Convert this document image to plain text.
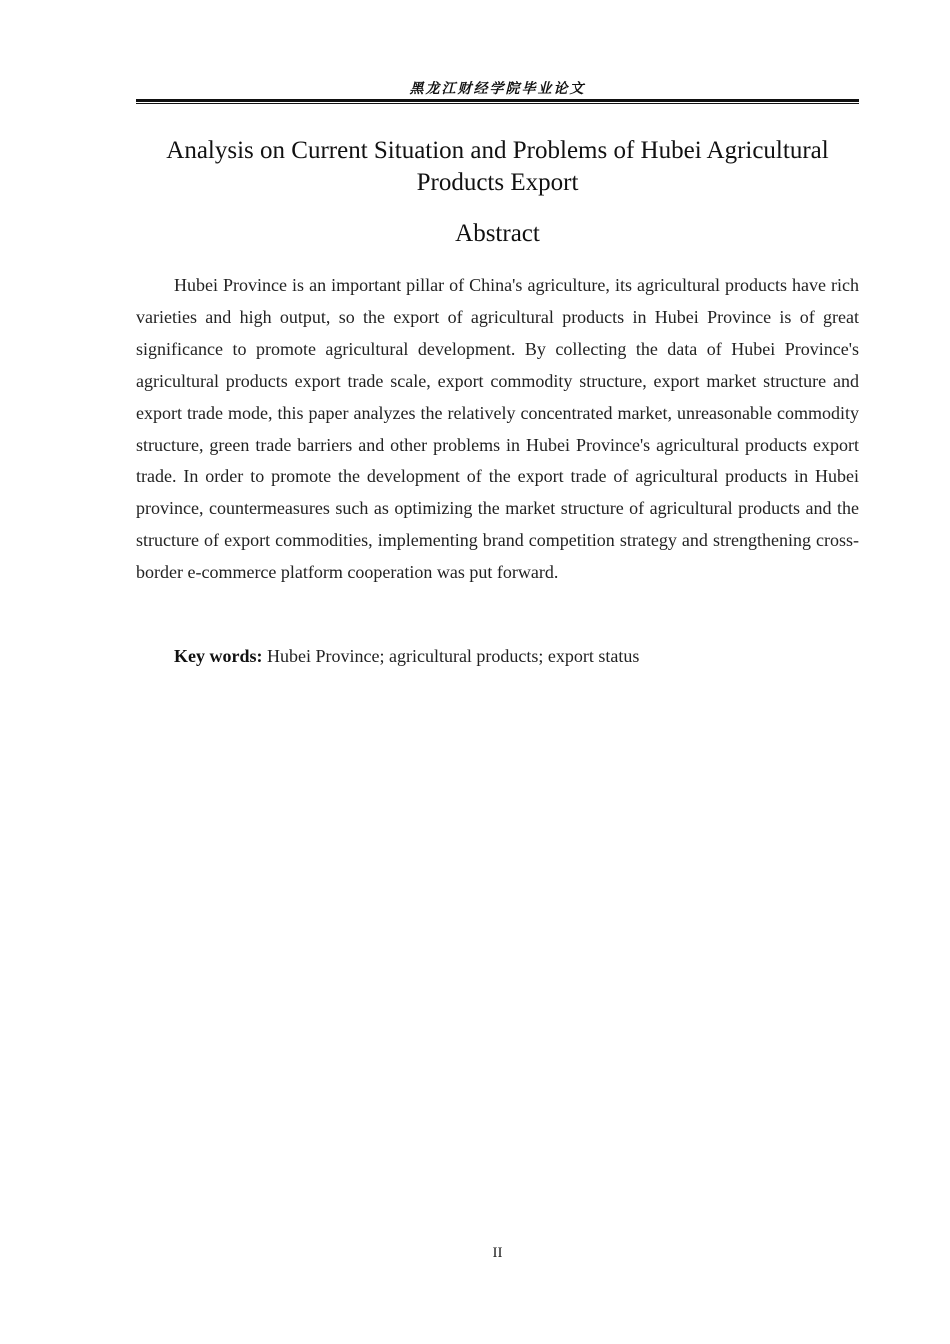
黑龙江财经学院毕业论文
Analysis on Current Situation and Problems of Hubei Agricultural Products Export
Abstract

Hubei Province is an important pillar of China's agriculture, its agricultural products have rich varieties and high output, so the export of agricultural products in Hubei Province is of great significance to promote agricultural development. By collecting the data of Hubei Province's agricultural products export trade scale, export commodity structure, export market structure and export trade mode, this paper analyzes the relatively concentrated market, unreasonable commodity structure, green trade barriers and other problems in Hubei Province's agricultural products export trade. In order to promote the development of the export trade of agricultural products in Hubei province, countermeasures such as optimizing the market structure of agricultural products and the structure of export commodities, implementing brand competition strategy and strengthening cross-border e-commerce platform cooperation was put forward.

Key words: Hubei Province; agricultural products; export status

II
